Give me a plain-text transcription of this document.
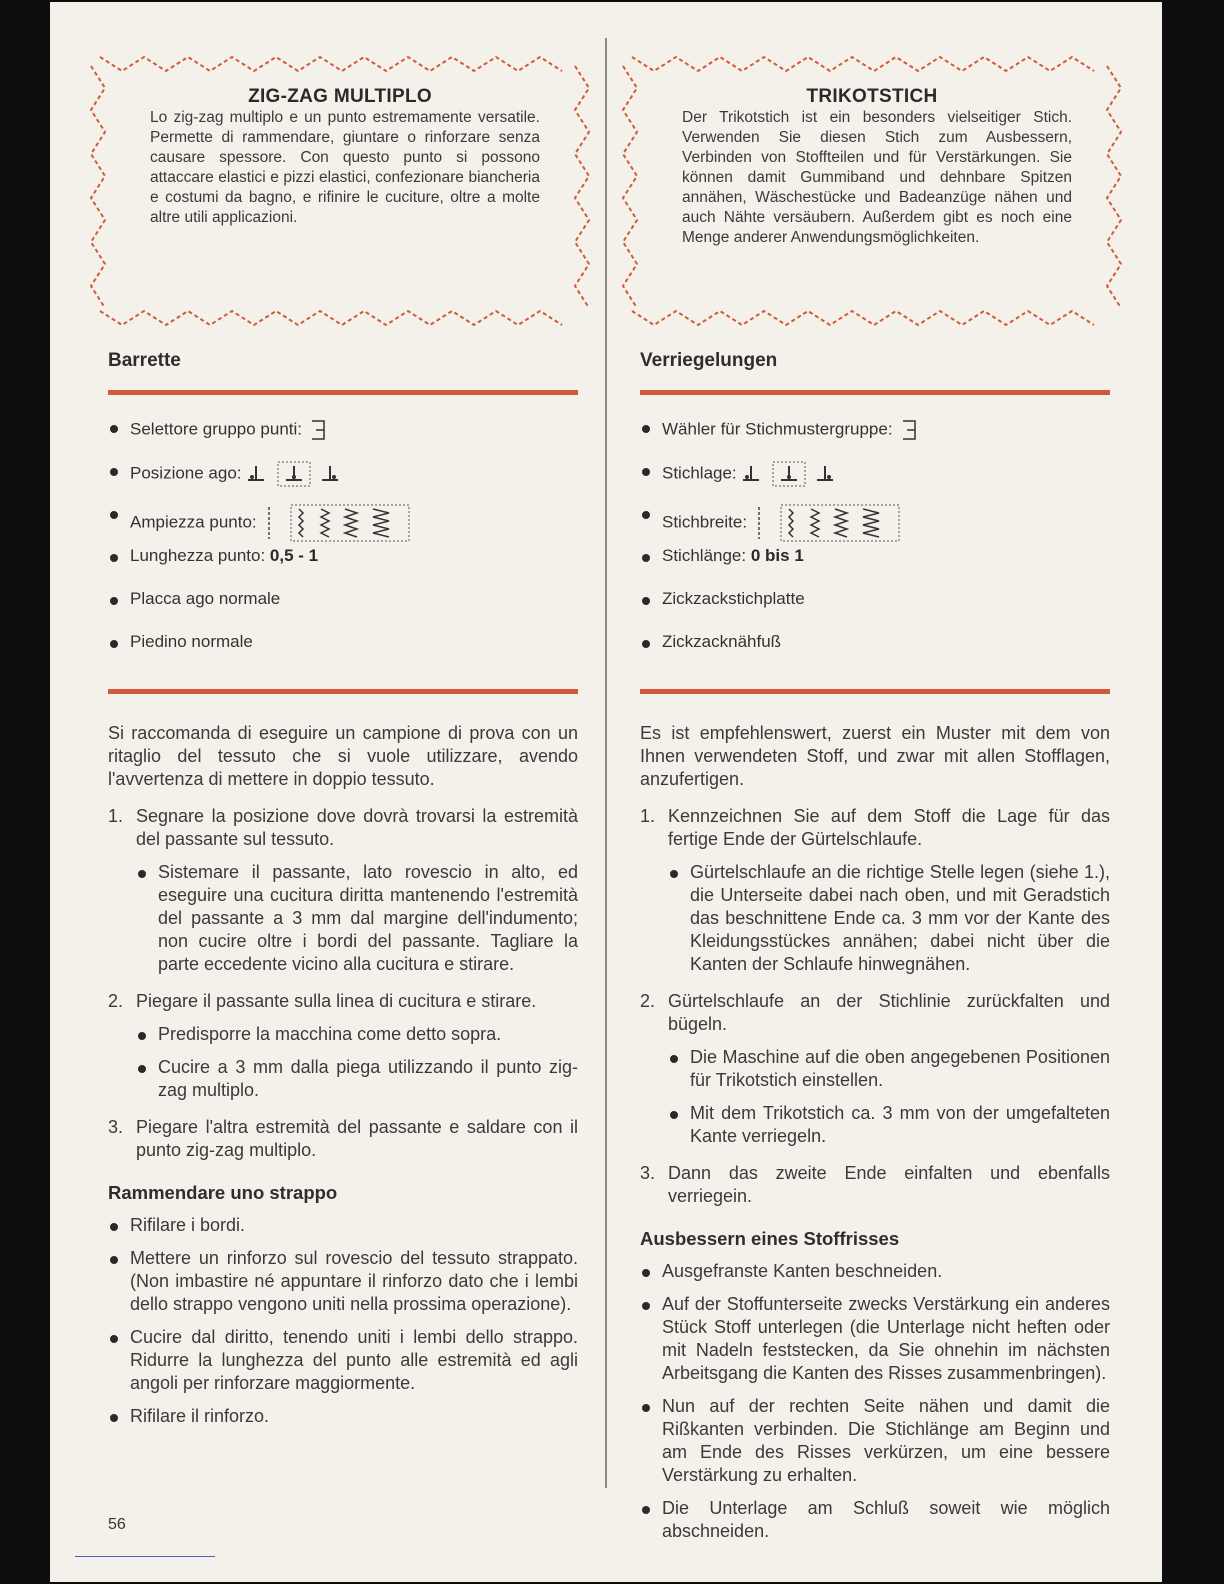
ZIG-ZAG MULTIPLO
Lo zig-zag multiplo e un punto estremamente versatile. Permette di rammendare, giuntare o rinforzare senza causare spessore. Con questo punto si possono attaccare elastici e pizzi elastici, confezionare biancheria e costumi da bagno, e rifinire le cuciture, oltre a molte altre utili applicazioni.
Barrette
Selettore gruppo punti:
Posizione ago:
Ampiezza punto:
Lunghezza punto: 0,5 - 1
Placca ago normale
Piedino normale
Si raccomanda di eseguire un campione di prova con un ritaglio del tessuto che si vuole utilizzare, avendo l'avvertenza di mettere in doppio tessuto.
1. Segnare la posizione dove dovrà trovarsi la estremità del passante sul tessuto.
Sistemare il passante, lato rovescio in alto, ed eseguire una cucitura diritta mantenendo l'estremità del passante a 3 mm dal margine dell'indumento; non cucire oltre i bordi del passante. Tagliare la parte eccedente vicino alla cucitura e stirare.
2. Piegare il passante sulla linea di cucitura e stirare.
Predisporre la macchina come detto sopra.
Cucire a 3 mm dalla piega utilizzando il punto zig-zag multiplo.
3. Piegare l'altra estremità del passante e saldare con il punto zig-zag multiplo.
Rammendare uno strappo
Rifilare i bordi.
Mettere un rinforzo sul rovescio del tessuto strappato. (Non imbastire né appuntare il rinforzo dato che i lembi dello strappo vengono uniti nella prossima operazione).
Cucire dal diritto, tenendo uniti i lembi dello strappo. Ridurre la lunghezza del punto alle estremità ed agli angoli per rinforzare maggiormente.
Rifilare il rinforzo.
TRIKOTSTICH
Der Trikotstich ist ein besonders vielseitiger Stich. Verwenden Sie diesen Stich zum Ausbessern, Verbinden von Stoffteilen und für Verstärkungen. Sie können damit Gummiband und dehnbare Spitzen annähen, Wäschestücke und Badeanzüge nähen und auch Nähte versäubern. Außerdem gibt es noch eine Menge anderer Anwendungsmöglichkeiten.
Verriegelungen
Wähler für Stichmustergruppe:
Stichlage:
Stichbreite:
Stichlänge: 0 bis 1
Zickzackstichplatte
Zickzacknähfuß
Es ist empfehlenswert, zuerst ein Muster mit dem von Ihnen verwendeten Stoff, und zwar mit allen Stofflagen, anzufertigen.
1. Kennzeichnen Sie auf dem Stoff die Lage für das fertige Ende der Gürtelschlaufe.
Gürtelschlaufe an die richtige Stelle legen (siehe 1.), die Unterseite dabei nach oben, und mit Geradstich das beschnittene Ende ca. 3 mm vor der Kante des Kleidungsstückes annähen; dabei nicht über die Kanten der Schlaufe hinwegnähen.
2. Gürtelschlaufe an der Stichlinie zurückfalten und bügeln.
Die Maschine auf die oben angegebenen Positionen für Trikotstich einstellen.
Mit dem Trikotstich ca. 3 mm von der umgefalteten Kante verriegeln.
3. Dann das zweite Ende einfalten und ebenfalls verriegein.
Ausbessern eines Stoffrisses
Ausgefranste Kanten beschneiden.
Auf der Stoffunterseite zwecks Verstärkung ein anderes Stück Stoff unterlegen (die Unterlage nicht heften oder mit Nadeln feststecken, da Sie ohnehin im nächsten Arbeitsgang die Kanten des Risses zusammenbringen).
Nun auf der rechten Seite nähen und damit die Rißkanten verbinden. Die Stichlänge am Beginn und am Ende des Risses verkürzen, um eine bessere Verstärkung zu erhalten.
Die Unterlage am Schluß soweit wie möglich abschneiden.
56
